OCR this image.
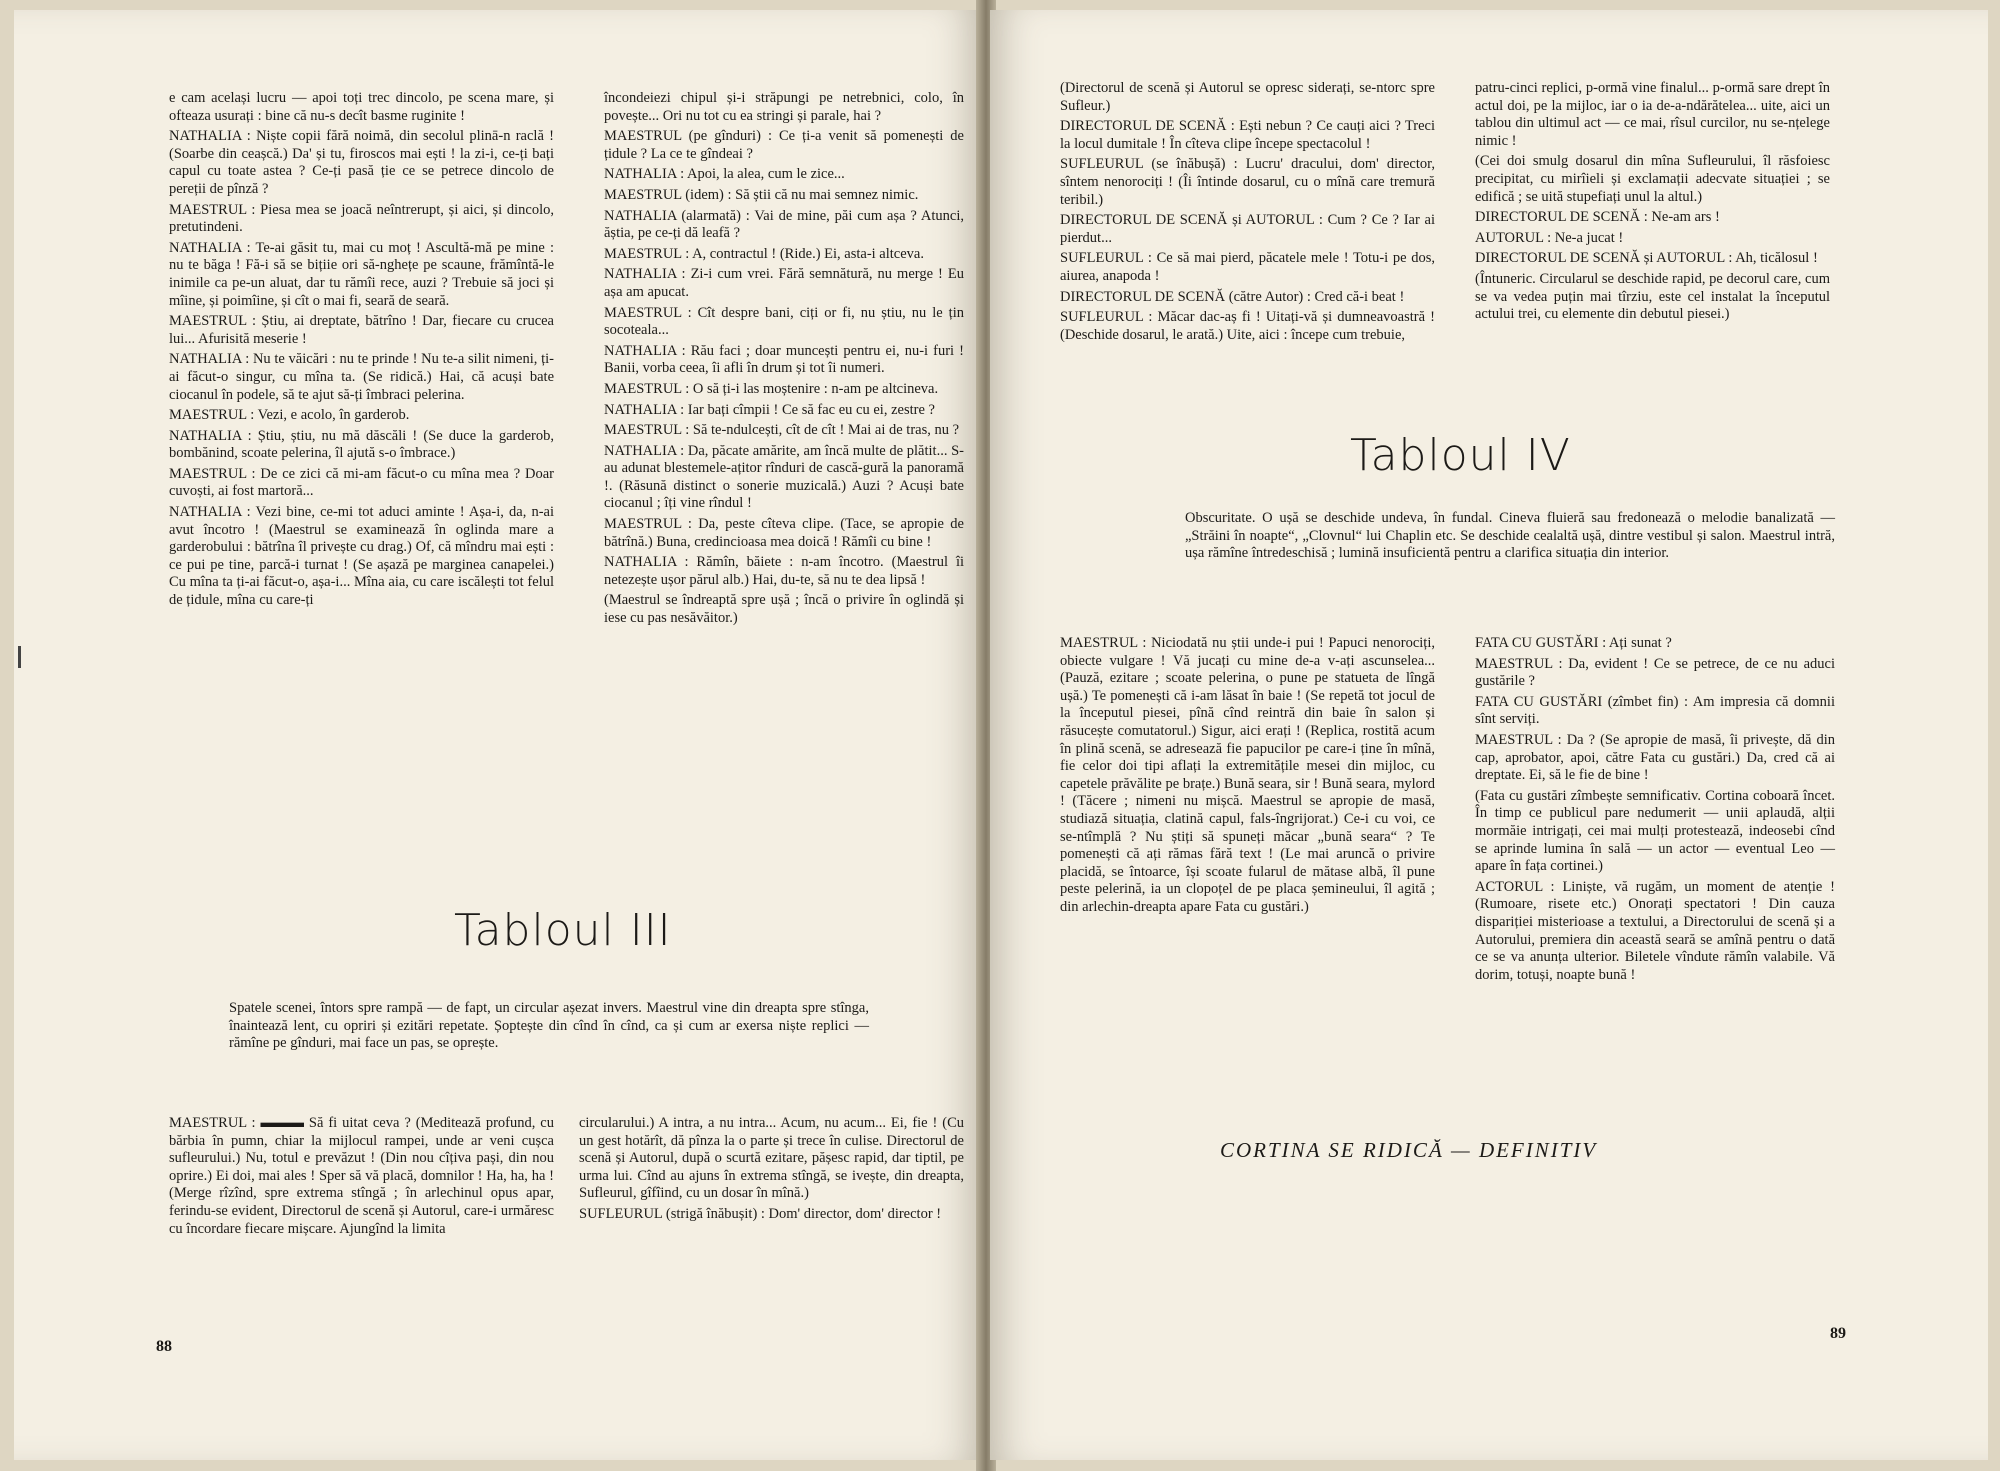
e cam același lucru — apoi toți trec dincolo, pe scena mare, și ofteaza usurați : bine că nu-s decît basme ruginite !

NATHALIA : Niște copii fără noimă, din secolul plinā-n raclă ! (Soarbe din ceașcă.) Da' și tu, firoscos mai ești ! la zi-i, ce-ți bați capul cu toate astea ? Ce-ți pasă ție ce se petrece dincolo de pereții de pînză ?

MAESTRUL : Piesa mea se joacă neîntrerupt, și aici, și dincolo, pretutindeni.

NATHALIA : Te-ai găsit tu, mai cu moț ! Ascultă-mă pe mine : nu te băga ! Fă-i să se bițiie ori să-nghețe pe scaune, frămîntă-le inimile ca pe-un aluat, dar tu rămîi rece, auzi ? Trebuie să joci și mîine, și poimîine, și cît o mai fi, seară de seară.

MAESTRUL : Știu, ai dreptate, bătrîno ! Dar, fiecare cu crucea lui... Afurisită meserie !

NATHALIA : Nu te văicări : nu te prinde ! Nu te-a silit nimeni, ți-ai făcut-o singur, cu mîna ta. (Se ridică.) Hai, că acuși bate ciocanul în podele, să te ajut să-ți îmbraci pelerina.

MAESTRUL : Vezi, e acolo, în garderob.

NATHALIA : Știu, știu, nu mă dăscăli ! (Se duce la garderob, bombănind, scoate pelerina, îl ajută s-o îmbrace.)

MAESTRUL : De ce zici că mi-am făcut-o cu mîna mea ? Doar cuvoști, ai fost martoră...

NATHALIA : Vezi bine, ce-mi tot aduci aminte ! Așa-i, da, n-ai avut încotro ! (Maestrul se examinează în oglinda mare a garderobului : bătrîna îl privește cu drag.) Of, că mîndru mai ești : ce pui pe tine, parcă-i turnat ! (Se așază pe marginea canapelei.) Cu mîna ta ți-ai făcut-o, așa-i... Mîna aia, cu care iscălești tot felul de țidule, mîna cu care-ți

încondeiezi chipul și-i străpungi pe netrebnici, colo, în povește... Ori nu tot cu ea stringi și parale, hai ?

MAESTRUL (pe gînduri) : Ce ți-a venit să pomenești de țidule ? La ce te gîndeai ?

NATHALIA : Apoi, la alea, cum le zice...

MAESTRUL (idem) : Să știi că nu mai semnez nimic.

NATHALIA (alarmată) : Vai de mine, păi cum așa ? Atunci, ăștia, pe ce-ți dă leafă ?

MAESTRUL : A, contractul ! (Ride.) Ei, asta-i altceva.

NATHALIA : Zi-i cum vrei. Fără semnătură, nu merge ! Eu așa am apucat.

MAESTRUL : Cît despre bani, ciți or fi, nu știu, nu le țin socoteala...

NATHALIA : Rău faci ; doar muncești pentru ei, nu-i furi ! Banii, vorba ceea, îi afli în drum și tot îi numeri.

MAESTRUL : O să ți-i las moștenire : n-am pe altcineva.

NATHALIA : Iar bați cîmpii ! Ce să fac eu cu ei, zestre ?

MAESTRUL : Să te-ndulcești, cît de cît ! Mai ai de tras, nu ?

NATHALIA : Da, păcate amărite, am încă multe de plătit... S-au adunat blestemele-ațitor rînduri de cască-gură la panoramă !. (Răsună distinct o sonerie muzicală.) Auzi ? Acuși bate ciocanul ; îți vine rîndul !

MAESTRUL : Da, peste cîteva clipe. (Tace, se apropie de bătrînă.) Buna, credincioasa mea doică ! Rămîi cu bine !

NATHALIA : Rămîn, băiete : n-am încotro. (Maestrul îi netezește ușor părul alb.) Hai, du-te, să nu te dea lipsă !

(Maestrul se îndreaptă spre ușă ; încă o privire în oglindă și iese cu pas nesăvăitor.)

Tabloul III
Spatele scenei, întors spre rampă — de fapt, un circular așezat invers. Maestrul vine din dreapta spre stînga, înaintează lent, cu opriri și ezitări repetate. Șoptește din cînd în cînd, ca și cum ar exersa niște replici — rămîne pe gînduri, mai face un pas, se oprește.

MAESTRUL : ▬▬▬ Să fi uitat ceva ? (Meditează profund, cu bărbia în pumn, chiar la mijlocul rampei, unde ar veni cușca sufleurului.) Nu, totul e prevăzut ! (Din nou cîțiva pași, din nou oprire.) Ei doi, mai ales ! Sper să vă placă, domnilor ! Ha, ha, ha ! (Merge rîzînd, spre extrema stîngă ; în arlechinul opus apar, ferindu-se evident, Directorul de scenă și Autorul, care-i urmăresc cu încordare fiecare mișcare. Ajungînd la limita

circularului.) A intra, a nu intra... Acum, nu acum... Ei, fie ! (Cu un gest hotărît, dă pînza la o parte și trece în culise. Directorul de scenă și Autorul, după o scurtă ezitare, pășesc rapid, dar tiptil, pe urma lui. Cînd au ajuns în extrema stîngă, se ivește, din dreapta, Sufleurul, gîfîind, cu un dosar în mînă.)

SUFLEURUL (strigă înăbușit) : Dom' director, dom' director !

88

(Directorul de scenă și Autorul se opresc siderați, se-ntorc spre Sufleur.)

DIRECTORUL DE SCENĂ : Ești nebun ? Ce cauți aici ? Treci la locul dumitale ! În cîteva clipe începe spectacolul !

SUFLEURUL (se înăbușă) : Lucru' dracului, dom' director, sîntem nenorociți ! (Îi întinde dosarul, cu o mînă care tremură teribil.)

DIRECTORUL DE SCENĂ și AUTORUL : Cum ? Ce ? Iar ai pierdut...

SUFLEURUL : Ce să mai pierd, păcatele mele ! Totu-i pe dos, aiurea, anapoda !

DIRECTORUL DE SCENĂ (către Autor) : Cred că-i beat !

SUFLEURUL : Măcar dac-aș fi ! Uitați-vă și dumneavoastră ! (Deschide dosarul, le arată.) Uite, aici : începe cum trebuie,

patru-cinci replici, p-ormă vine finalul... p-ormă sare drept în actul doi, pe la mijloc, iar o ia de-a-ndărătelea... uite, aici un tablou din ultimul act — ce mai, rîsul curcilor, nu se-nțelege nimic !

(Cei doi smulg dosarul din mîna Sufleurului, îl răsfoiesc precipitat, cu mirîieli și exclamații adecvate situației ; se edifică ; se uită stupefiați unul la altul.)

DIRECTORUL DE SCENĂ : Ne-am ars !

AUTORUL : Ne-a jucat !

DIRECTORUL DE SCENĂ și AUTORUL : Ah, ticălosul !

(Întuneric. Circularul se deschide rapid, pe decorul care, cum se va vedea puțin mai tîrziu, este cel instalat la începutul actului trei, cu elemente din debutul piesei.)

Tabloul IV
Obscuritate. O ușă se deschide undeva, în fundal. Cineva fluieră sau fredonează o melodie banalizată — „Străini în noapte“, „Clovnul“ lui Chaplin etc. Se deschide cealaltă ușă, dintre vestibul și salon. Maestrul intră, ușa rămîne întredeschisă ; lumină insuficientă pentru a clarifica situația din interior.

MAESTRUL : Niciodată nu știi unde-i pui ! Papuci nenorociți, obiecte vulgare ! Vă jucați cu mine de-a v-ați ascunselea... (Pauză, ezitare ; scoate pelerina, o pune pe statueta de lîngă ușă.) Te pomenești că i-am lăsat în baie ! (Se repetă tot jocul de la începutul piesei, pînă cînd reintră din baie în salon și răsucește comutatorul.) Sigur, aici erați ! (Replica, rostită acum în plină scenă, se adresează fie papucilor pe care-i ține în mînă, fie celor doi tipi aflați la extremitățile mesei din mijloc, cu capetele prăvălite pe brațe.) Bună seara, sir ! Bună seara, mylord ! (Tăcere ; nimeni nu mișcă. Maestrul se apropie de masă, studiază situația, clatină capul, fals-îngrijorat.) Ce-i cu voi, ce se-ntîmplă ? Nu știți să spuneți măcar „bună seara“ ? Te pomenești că ați rămas fără text ! (Le mai aruncă o privire placidă, se întoarce, își scoate fularul de mătase albă, îl pune peste pelerină, ia un clopoțel de pe placa șemineului, îl agită ; din arlechin-dreapta apare Fata cu gustări.)

FATA CU GUSTĂRI : Ați sunat ?

MAESTRUL : Da, evident ! Ce se petrece, de ce nu aduci gustările ?

FATA CU GUSTĂRI (zîmbet fin) : Am impresia că domnii sînt serviți.

MAESTRUL : Da ? (Se apropie de masă, îi privește, dă din cap, aprobator, apoi, către Fata cu gustări.) Da, cred că ai dreptate. Ei, să le fie de bine !

(Fata cu gustări zîmbește semnificativ. Cortina coboară încet. În timp ce publicul pare nedumerit — unii aplaudă, alții mormăie intrigați, cei mai mulți protestează, indeosebi cînd se aprinde lumina în sală — un actor — eventual Leo — apare în fața cortinei.)

ACTORUL : Liniște, vă rugăm, un moment de atenție ! (Rumoare, risete etc.) Onorați spectatori ! Din cauza dispariției misterioase a textului, a Directorului de scenă și a Autorului, premiera din această seară se amînă pentru o dată ce se va anunța ulterior. Biletele vîndute rămîn valabile. Vă dorim, totuși, noapte bună !

CORTINA SE RIDICĂ — DEFINITIV
89
